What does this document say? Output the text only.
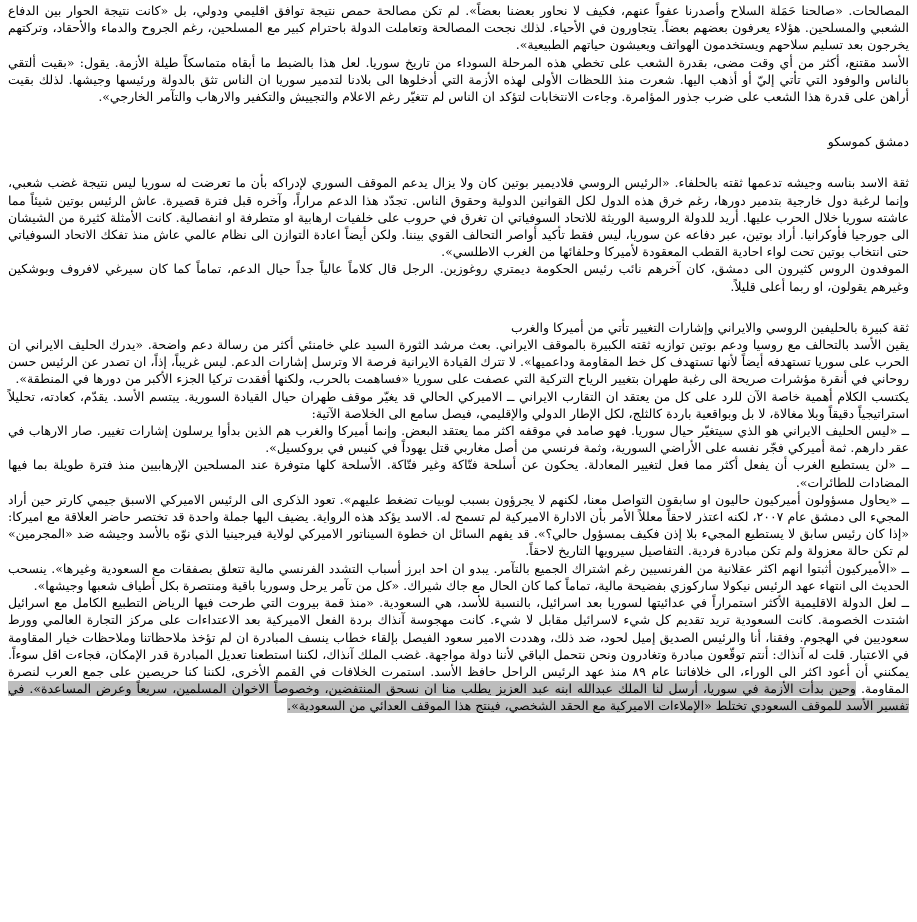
المصالحات. «صالحنا حَمَلة السلاح وأصدرنا عفواً عنهم، فكيف لا نحاور بعضنا بعضاً». لم تكن مصالحة حمص نتيجة توافق اقليمي ودولي، بل «كانت نتيجة الحوار بين الدفاع الشعبي والمسلحين. هؤلاء يعرفون بعضهم بعضاً. يتجاورون في الأحياء. لذلك نجحت المصالحة وتعاملت الدولة باحترام كبير مع المسلحين، رغم الجروح والدماء والأحقاد، وتركتهم يخرجون بعد تسليم سلاحهم ويستخدمون الهواتف ويعيشون حياتهم الطبيعية».

الأسد مقتنع، أكثر من أي وقت مضى، بقدرة الشعب على تخطي هذه المرحلة السوداء من تاريخ سوريا. لعل هذا بالضبط ما أبقاه متماسكاً طيلة الأزمة. يقول: «بقيت ألتقي بالناس والوفود التي تأتي إليّ أو أذهب اليها. شعرت منذ اللحظات الأولى لهذه الأزمة التي أدخلوها الى بلادنا لتدمير سوريا ان الناس تثق بالدولة ورئيسها وجيشها. لذلك بقيت أراهن على قدرة هذا الشعب على ضرب جذور المؤامرة. وجاءت الانتخابات لتؤكد ان الناس لم تتغيّر رغم الاعلام والتجييش والتكفير والارهاب والتآمر الخارجي».

دمشق كموسكو

ثقة الاسد بناسه وجيشه تدعمها ثقته بالحلفاء. «الرئيس الروسي فلاديمير بوتين كان ولا يزال يدعم الموقف السوري لإدراكه بأن ما تعرضت له سوريا ليس نتيجة غضب شعبي، وإنما لرغبة دول خارجية بتدمير دورها، رغم خرق هذه الدول لكل القوانين الدولية وحقوق الناس. تجدّد هذا الدعم مراراً، وآخره قبل فترة قصيرة. عاش الرئيس بوتين شيئاً مما عاشته سوريا خلال الحرب عليها. أريد للدولة الروسية الوريثة للاتحاد السوفياتي ان تغرق في حروب على خلفيات ارهابية او متطرفة او انفصالية. كانت الأمثلة كثيرة من الشيشان الى جورجيا فأوكرانيا. أراد بوتين، عبر دفاعه عن سوريا، ليس فقط تأكيد أواصر التحالف القوي بيننا. ولكن أيضاً اعادة التوازن الى نظام عالمي عاش منذ تفكك الاتحاد السوفياتي حتى انتخاب بوتين تحت لواء احادية القطب المعقودة لأميركا وحلفائها من الغرب الاطلسي».

الموفدون الروس كثيرون الى دمشق، كان آخرهم نائب رئيس الحكومة ديمتري روغوزين. الرجل قال كلاماً عالياً جداً حيال الدعم، تماماً كما كان سيرغي لافروف وبوشكين وغيرهم يقولون، او ربما أعلى قليلاً.

ثقة كبيرة بالحليفين الروسي والايراني وإشارات التغيير تأتي من أميركا والغرب

يقين الأسد بالتحالف مع روسيا ودعم بوتين توازيه ثقته الكبيرة بالموقف الايراني. بعث مرشد الثورة السيد علي خامنئي أكثر من رسالة دعم واضحة. «يدرك الحليف الايراني ان الحرب على سوريا تستهدفه أيضاً لأنها تستهدف كل خط المقاومة وداعميها». لا تترك القيادة الايرانية فرصة الا وترسل إشارات الدعم. ليس غريباً، إذاً، ان تصدر عن الرئيس حسن روحاني في أنقرة مؤشرات صريحة الى رغبة طهران بتغيير الرياح التركية التي عصفت على سوريا «فساهمت بالحرب، ولكنها أفقدت تركيا الجزء الأكبر من دورها في المنطقة».

يكتسب الكلام أهمية خاصة الآن للرد على كل من يعتقد ان التقارب الايراني ــ الاميركي الحالي قد يغيّر موقف طهران حيال القيادة السورية. يبتسم الأسد. يقدّم، كعادته، تحليلاً استراتيجياً دقيقاً وبلا مغالاة، لا بل وبواقعية باردة كالثلج، لكل الإطار الدولي والإقليمي، فيصل سامع الى الخلاصة الآتية:

ــ «ليس الحليف الايراني هو الذي سيتغيّر حيال سوريا. فهو صامد في موقفه اكثر مما يعتقد البعض. وإنما أميركا والغرب هم الذين بدأوا يرسلون إشارات تغيير. صار الارهاب في عقر دارهم. ثمة أميركي فجّر نفسه على الأراضي السورية، وثمة فرنسي من أصل مغاربي قتل يهوداً في كنيس في بروكسيل».

ــ «لن يستطيع الغرب أن يفعل أكثر مما فعل لتغيير المعادلة. يحكون عن أسلحة فتّاكة وغير فتّاكة. الأسلحة كلها متوفرة عند المسلحين الإرهابيين منذ فترة طويلة بما فيها المضادات للطائرات».

ــ «يحاول مسؤولون أميركيون حاليون او سابقون التواصل معنا، لكنهم لا يجرؤون بسبب لوبيات تضغط عليهم». تعود الذكرى الى الرئيس الاميركي الاسبق جيمي كارتر حين أراد المجيء الى دمشق عام ٢٠٠٧، لكنه اعتذر لاحقاً معللاً الأمر بأن الادارة الاميركية لم تسمح له. الاسد يؤكد هذه الرواية. يضيف اليها جملة واحدة قد تختصر حاضر العلاقة مع اميركا: «إذا كان رئيس سابق لا يستطيع المجيء بلا إذن فكيف بمسؤول حالي؟». قد يفهم السائل ان خطوة السيناتور الاميركي لولاية فيرجينيا الذي نوّه بالأسد وجيشه ضد «المجرمين» لم تكن حالة معزولة ولم تكن مبادرة فردية. التفاصيل سيرويها التاريخ لاحقاً.

ــ «الأميركيون أثبتوا انهم اكثر عقلانية من الفرنسيين رغم اشتراك الجميع بالتآمر. يبدو ان احد ابرز أسباب التشدد الفرنسي مالية تتعلق بصفقات مع السعودية وغيرها». ينسحب الحديث الى انتهاء عهد الرئيس نيكولا ساركوزي بفضيحة مالية، تماماً كما كان الحال مع جاك شيراك. «كل من تآمر يرحل وسوريا باقية ومنتصرة بكل أطياف شعبها وجيشها».

ــ لعل الدولة الاقليمية الأكثر استمراراً في عدائيتها لسوريا بعد اسرائيل، بالنسبة للأسد، هي السعودية. «منذ قمة بيروت التي طرحت فيها الرياض التطبيع الكامل مع اسرائيل اشتدت الخصومة. كانت السعودية تريد تقديم كل شيء لاسرائيل مقابل لا شيء. كانت مهجوسة آنذاك بردة الفعل الاميركية بعد الاعتداءات على مركز التجارة العالمي وورط سعوديين في الهجوم. وفقنا، أنا والرئيس الصديق إميل لحود، ضد ذلك، وهددت الامير سعود الفيصل بإلقاء خطاب ينسف المبادرة ان لم تؤخذ ملاحظاتنا وملاحظات خيار المقاومة في الاعتبار. قلت له آنذاك: أنتم توقّعون مبادرة وتغادرون ونحن نتحمل الباقي لأننا دولة مواجهة. غضب الملك آنذاك، لكننا استطعنا تعديل المبادرة قدر الإمكان، فجاءت اقل سوءاً. يمكنني أن أعود اكثر الى الوراء، الى خلافاتنا عام ٨٩ منذ عهد الرئيس الراحل حافظ الأسد. استمرت الخلافات في القمم الأخرى، لكننا كنا حريصين على جمع العرب لنصرة المقاومة. وحين بدأت الأزمة في سوريا، أرسل لنا الملك عبدالله ابنه عبد العزيز يطلب منا ان نسحق المنتفضين، وخصوصاً الاخوان المسلمين، سريعاً وعرض المساعدة». في تفسير الأسد للموقف السعودي تختلط «الإملاءات الاميركية مع الحقد الشخصي، فينتج هذا الموقف العدائي من السعودية».
